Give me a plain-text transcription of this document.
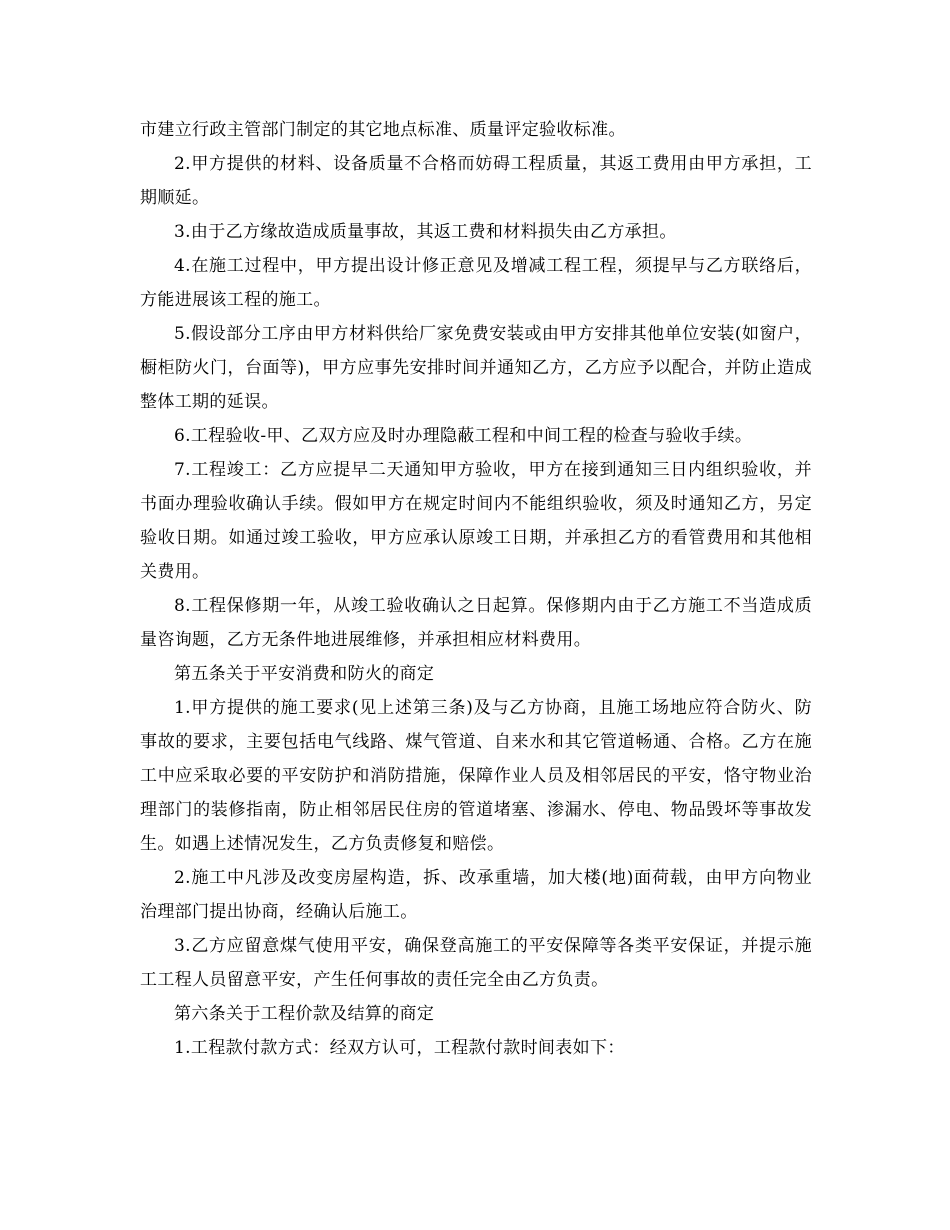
市建立行政主管部门制定的其它地点标准、质量评定验收标准。

2.甲方提供的材料、设备质量不合格而妨碍工程质量，其返工费用由甲方承担，工期顺延。

3.由于乙方缘故造成质量事故，其返工费和材料损失由乙方承担。

4.在施工过程中，甲方提出设计修正意见及增减工程工程，须提早与乙方联络后，方能进展该工程的施工。

5.假设部分工序由甲方材料供给厂家免费安装或由甲方安排其他单位安装(如窗户，橱柜防火门，台面等)，甲方应事先安排时间并通知乙方，乙方应予以配合，并防止造成整体工期的延误。

6.工程验收-甲、乙双方应及时办理隐蔽工程和中间工程的检查与验收手续。

7.工程竣工：乙方应提早二天通知甲方验收，甲方在接到通知三日内组织验收，并书面办理验收确认手续。假如甲方在规定时间内不能组织验收，须及时通知乙方，另定验收日期。如通过竣工验收，甲方应承认原竣工日期，并承担乙方的看管费用和其他相关费用。

8.工程保修期一年，从竣工验收确认之日起算。保修期内由于乙方施工不当造成质量咨询题，乙方无条件地进展维修，并承担相应材料费用。

第五条关于平安消费和防火的商定

1.甲方提供的施工要求(见上述第三条)及与乙方协商，且施工场地应符合防火、防事故的要求，主要包括电气线路、煤气管道、自来水和其它管道畅通、合格。乙方在施工中应采取必要的平安防护和消防措施，保障作业人员及相邻居民的平安，恪守物业治理部门的装修指南，防止相邻居民住房的管道堵塞、渗漏水、停电、物品毁坏等事故发生。如遇上述情况发生，乙方负责修复和赔偿。

2.施工中凡涉及改变房屋构造，拆、改承重墙，加大楼(地)面荷载，由甲方向物业治理部门提出协商，经确认后施工。

3.乙方应留意煤气使用平安，确保登高施工的平安保障等各类平安保证，并提示施工工程人员留意平安，产生任何事故的责任完全由乙方负责。

第六条关于工程价款及结算的商定

1.工程款付款方式：经双方认可，工程款付款时间表如下：
